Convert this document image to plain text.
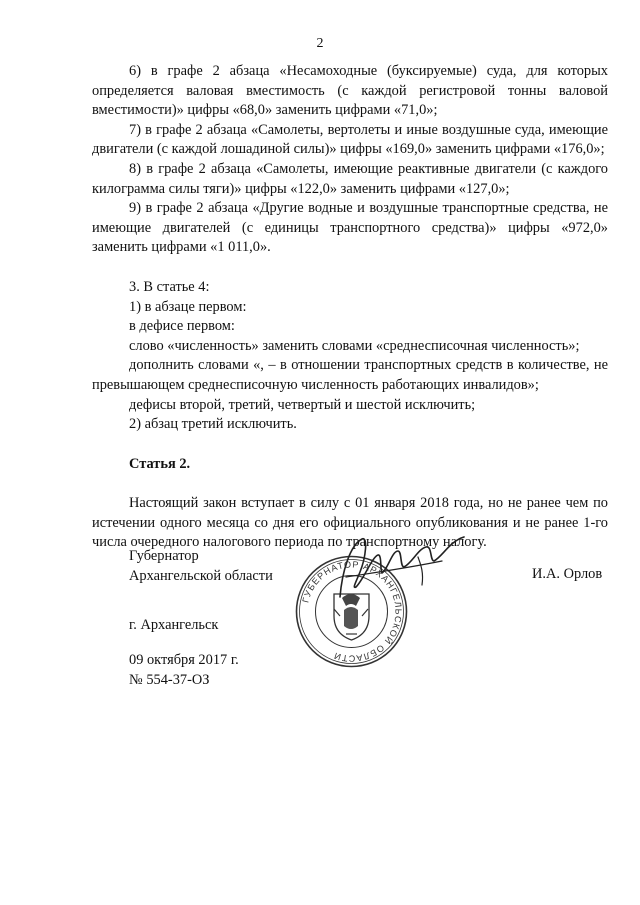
2

6) в графе 2 абзаца «Несамоходные (буксируемые) суда, для которых определяется валовая вместимость (с каждой регистровой тонны валовой вместимости)» цифры «68,0» заменить цифрами «71,0»;

7) в графе 2 абзаца «Самолеты, вертолеты и иные воздушные суда, имеющие двигатели (с каждой лошадиной силы)» цифры «169,0» заменить цифрами «176,0»;

8) в графе 2 абзаца «Самолеты, имеющие реактивные двигатели (с каждого килограмма силы тяги)» цифры «122,0» заменить цифрами «127,0»;

9) в графе 2 абзаца «Другие водные и воздушные транспортные средства, не имеющие двигателей (с единицы транспортного средства)» цифры «972,0» заменить цифрами «1 011,0».

3. В статье 4:

1) в абзаце первом:

в дефисе первом:

слово «численность» заменить словами «среднесписочная численность»;

дополнить словами «, – в отношении транспортных средств в количестве, не превышающем среднесписочную численность работающих инвалидов»;

дефисы второй, третий, четвертый и шестой исключить;

2) абзац третий исключить.

Статья 2.

Настоящий закон вступает в силу с 01 января 2018 года, но не ранее чем по истечении одного месяца со дня его официального опубликования и не ранее 1-го числа очередного налогового периода по транспортному налогу.

Губернатор
Архангельской области	И.А. Орлов
ГУБЕРНАТОР АРХАНГЕЛЬСКОЙ ОБЛАСТИ
г. Архангельск
09 октября 2017 г.
№ 554-37-ОЗ
